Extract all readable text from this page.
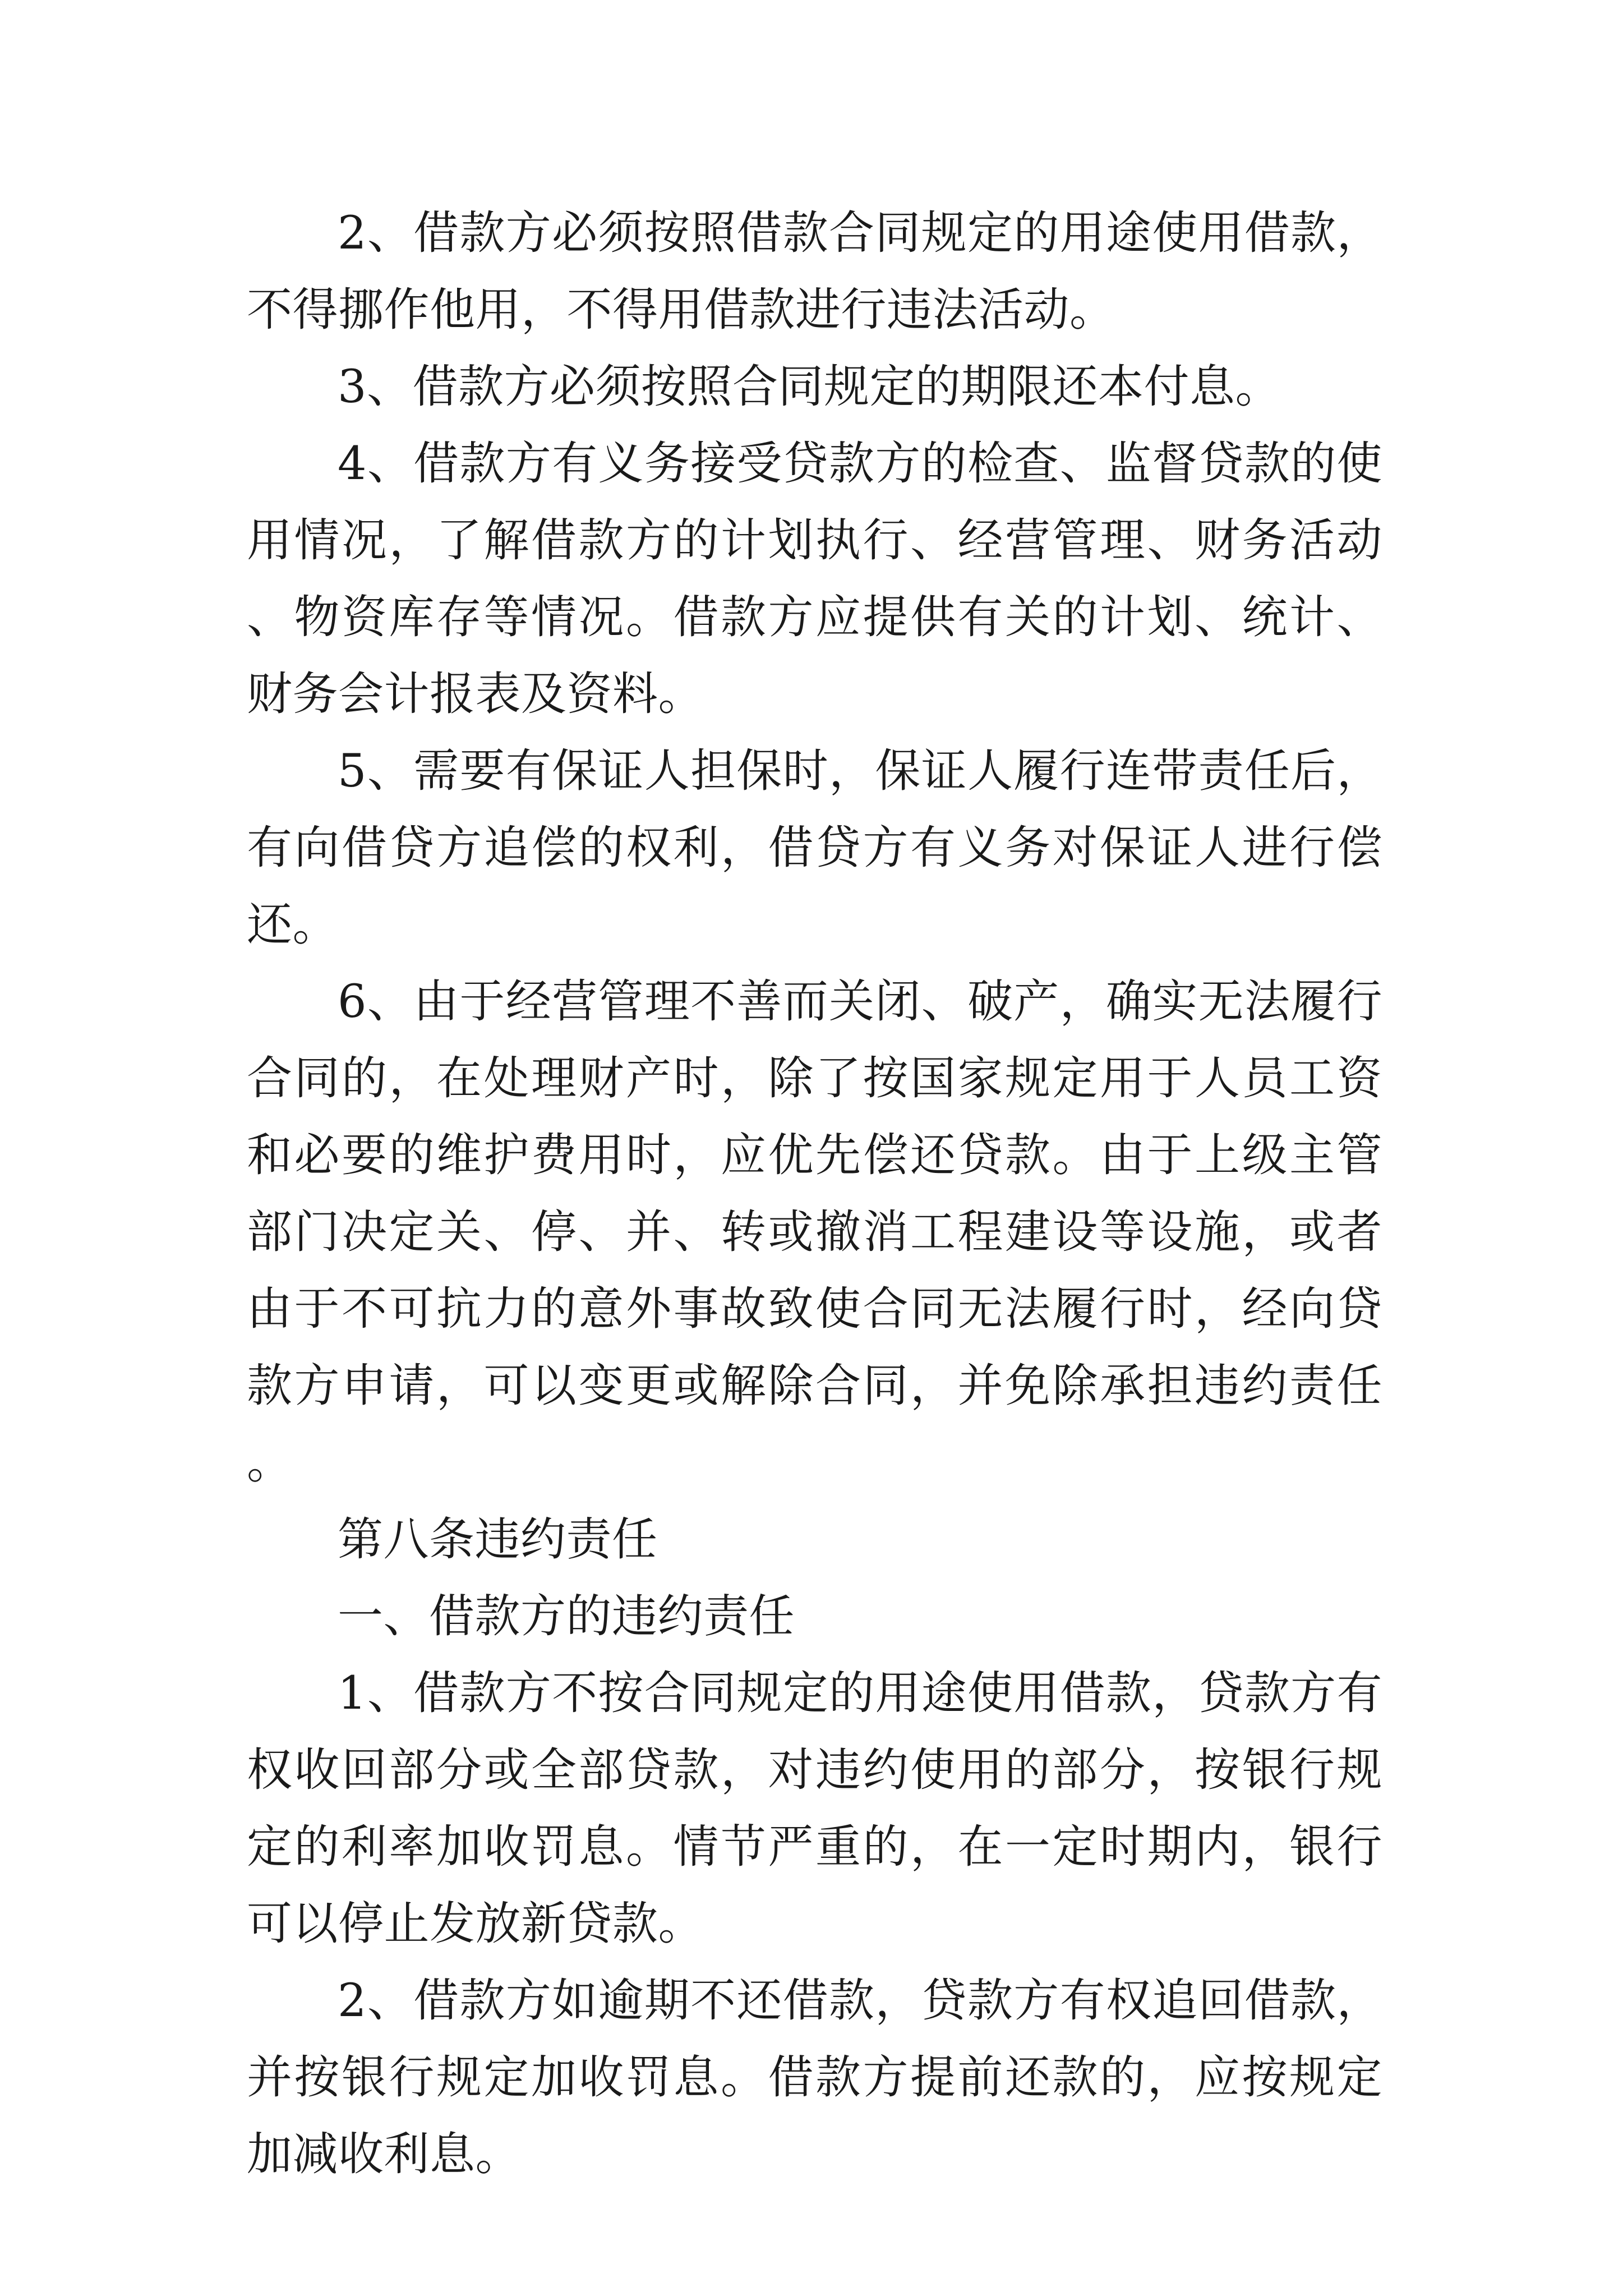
2、借款方必须按照借款合同规定的用途使用借款，不得挪作他用，不得用借款进行违法活动。

3、借款方必须按照合同规定的期限还本付息。

4、借款方有义务接受贷款方的检查、监督贷款的使用情况，了解借款方的计划执行、经营管理、财务活动、物资库存等情况。借款方应提供有关的计划、统计、财务会计报表及资料。

5、需要有保证人担保时，保证人履行连带责任后，有向借贷方追偿的权利，借贷方有义务对保证人进行偿还。

6、由于经营管理不善而关闭、破产，确实无法履行合同的，在处理财产时，除了按国家规定用于人员工资和必要的维护费用时，应优先偿还贷款。由于上级主管部门决定关、停、并、转或撤消工程建设等设施，或者由于不可抗力的意外事故致使合同无法履行时，经向贷款方申请，可以变更或解除合同，并免除承担违约责任。

第八条违约责任

一、借款方的违约责任

1、借款方不按合同规定的用途使用借款，贷款方有权收回部分或全部贷款，对违约使用的部分，按银行规定的利率加收罚息。情节严重的，在一定时期内，银行可以停止发放新贷款。

2、借款方如逾期不还借款，贷款方有权追回借款，并按银行规定加收罚息。借款方提前还款的，应按规定加减收利息。
